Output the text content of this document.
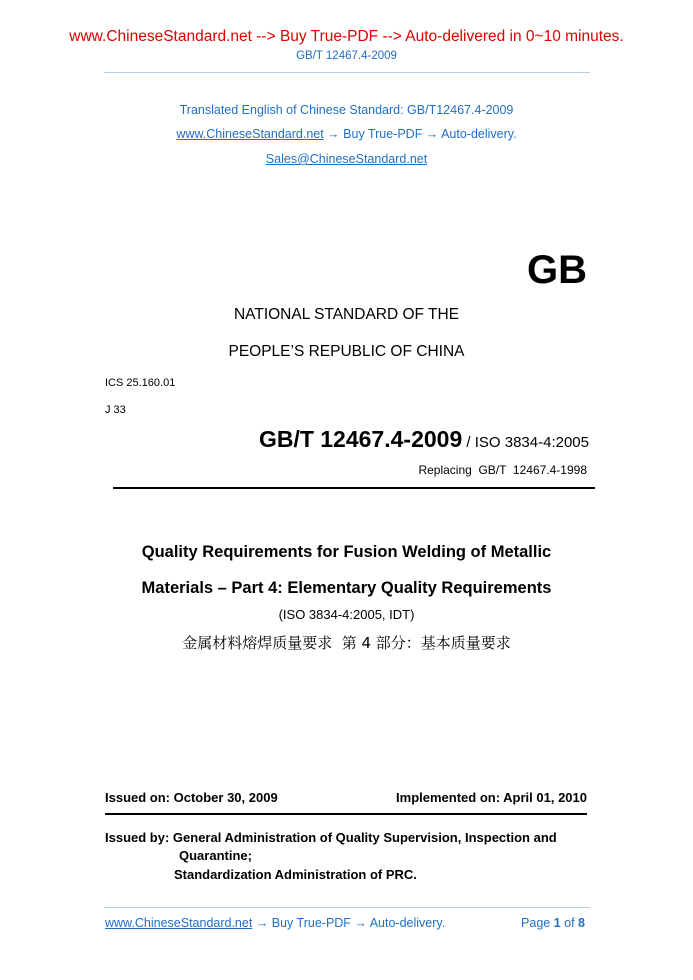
www.ChineseStandard.net --> Buy True-PDF --> Auto-delivered in 0~10 minutes.
GB/T 12467.4-2009
Translated English of Chinese Standard: GB/T12467.4-2009
www.ChineseStandard.net → Buy True-PDF → Auto-delivery.
Sales@ChineseStandard.net
GB
NATIONAL STANDARD OF THE
PEOPLE’S REPUBLIC OF CHINA
ICS 25.160.01
J 33
GB/T 12467.4-2009 / ISO 3834-4:2005
Replacing  GB/T  12467.4-1998
Quality Requirements for Fusion Welding of Metallic
Materials – Part 4: Elementary Quality Requirements
(ISO 3834-4:2005, IDT)
金属材料熔焊质量要求  第 4 部分：基本质量要求
Issued on: October 30, 2009	Implemented on: April 01, 2010
Issued by: General Administration of Quality Supervision, Inspection and
Quarantine;
Standardization Administration of PRC.
www.ChineseStandard.net → Buy True-PDF → Auto-delivery.	Page 1 of 8
